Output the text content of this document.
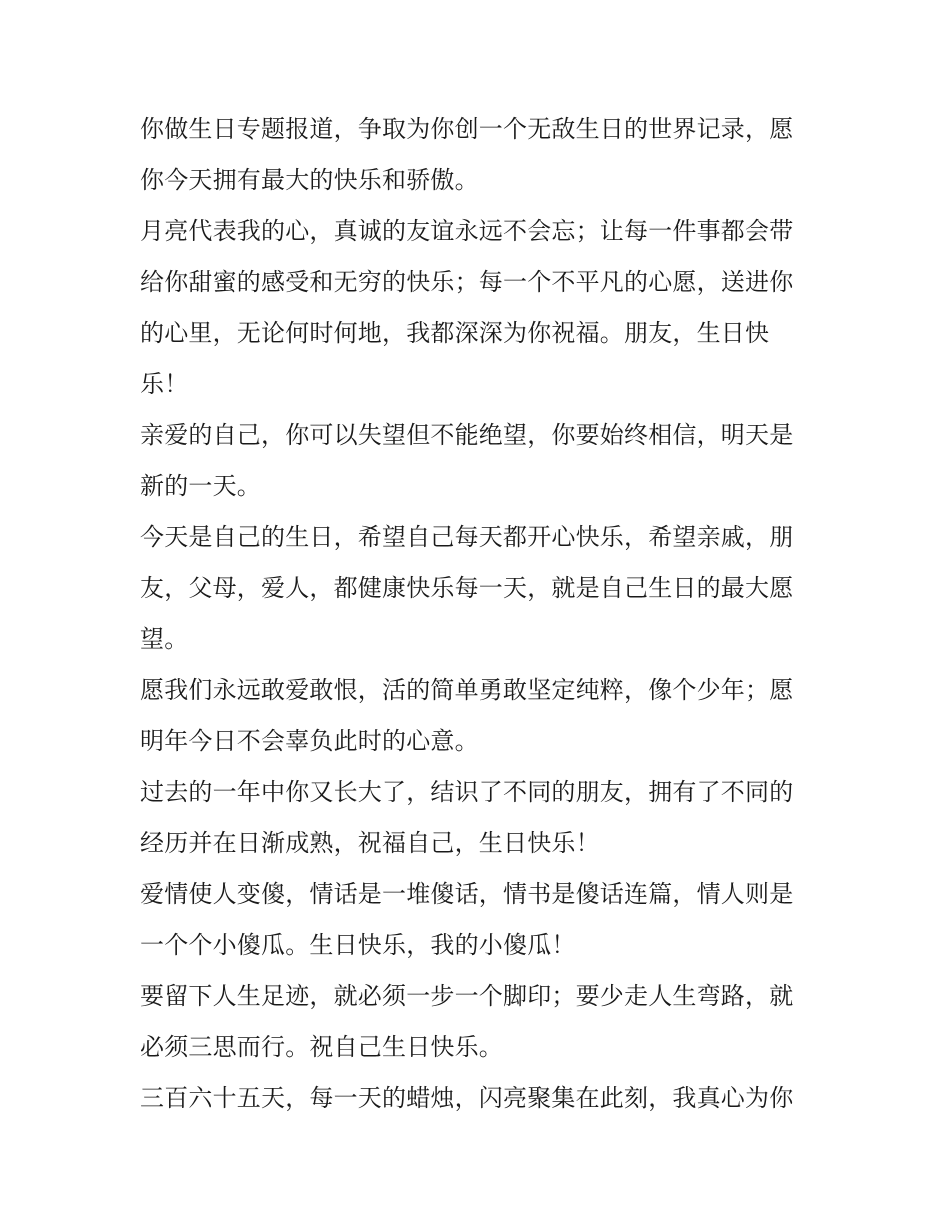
你做生日专题报道，争取为你创一个无敌生日的世界记录，愿
你今天拥有最大的快乐和骄傲。
月亮代表我的心，真诚的友谊永远不会忘；让每一件事都会带
给你甜蜜的感受和无穷的快乐；每一个不平凡的心愿，送进你
的心里，无论何时何地，我都深深为你祝福。朋友，生日快
乐！
亲爱的自己，你可以失望但不能绝望，你要始终相信，明天是
新的一天。
今天是自己的生日，希望自己每天都开心快乐，希望亲戚，朋
友，父母，爱人，都健康快乐每一天，就是自己生日的最大愿
望。
愿我们永远敢爱敢恨，活的简单勇敢坚定纯粹，像个少年；愿
明年今日不会辜负此时的心意。
过去的一年中你又长大了，结识了不同的朋友，拥有了不同的
经历并在日渐成熟，祝福自己，生日快乐！
爱情使人变傻，情话是一堆傻话，情书是傻话连篇，情人则是
一个个小傻瓜。生日快乐，我的小傻瓜！
要留下人生足迹，就必须一步一个脚印；要少走人生弯路，就
必须三思而行。祝自己生日快乐。
三百六十五天，每一天的蜡烛，闪亮聚集在此刻，我真心为你
